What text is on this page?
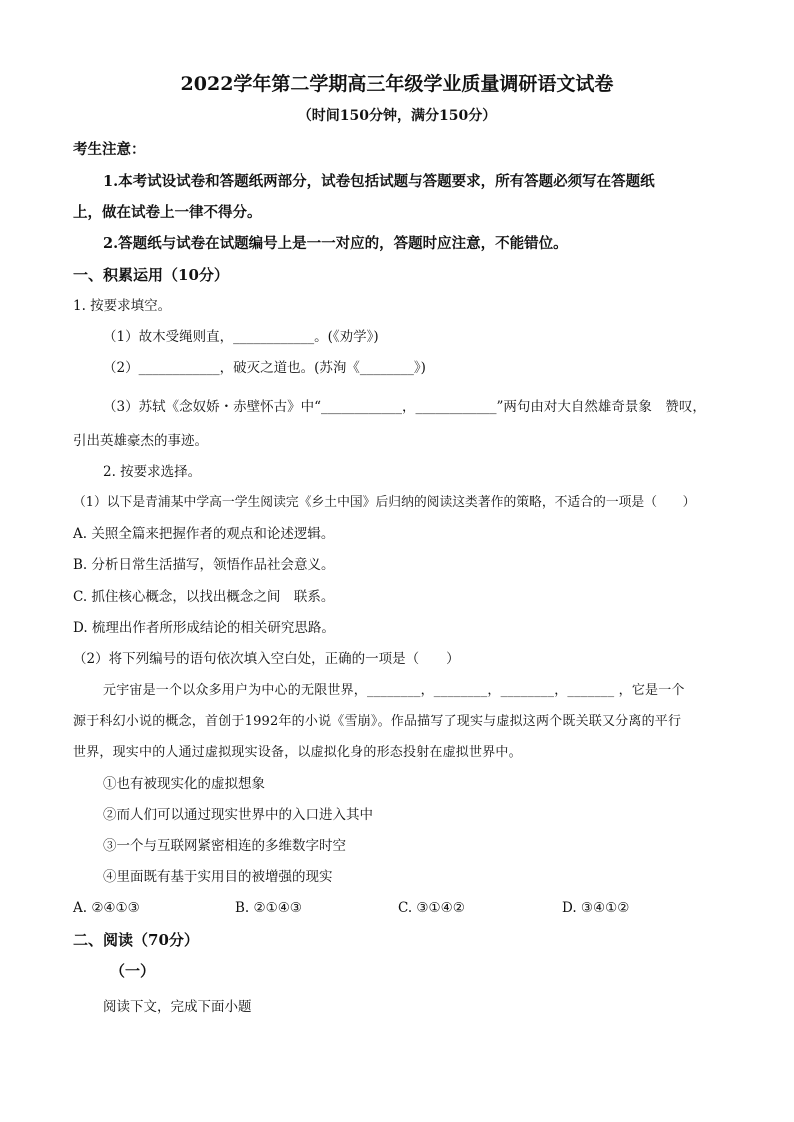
2022学年第二学期高三年级学业质量调研语文试卷
（时间150分钟，满分150分）
考生注意：
1.本考试设试卷和答题纸两部分，试卷包括试题与答题要求，所有答题必须写在答题纸
上，做在试卷上一律不得分。
2.答题纸与试卷在试题编号上是一一对应的，答题时应注意，不能错位。
一、积累运用（10分）
1. 按要求填空。
（1）故木受绳则直，____________。(《劝学》)
（2）____________，破灭之道也。(苏洵《________》)
（3）苏轼《念奴娇・赤壁怀古》中“____________，____________”两句由对大自然雄奇景象　赞叹，
引出英雄豪杰的事迹。
2. 按要求选择。
（1）以下是青浦某中学高一学生阅读完《乡土中国》后归纳的阅读这类著作的策略，不适合的一项是（　　）
A. 关照全篇来把握作者的观点和论述逻辑。
B. 分析日常生活描写，领悟作品社会意义。
C. 抓住核心概念，以找出概念之间　联系。
D. 梳理出作者所形成结论的相关研究思路。
（2）将下列编号的语句依次填入空白处，正确的一项是（　　）
元宇宙是一个以众多用户为中心的无限世界，________，________，________，_______ ，它是一个
源于科幻小说的概念，首创于1992年的小说《雪崩》。作品描写了现实与虚拟这两个既关联又分离的平行
世界，现实中的人通过虚拟现实设备，以虚拟化身的形态投射在虚拟世界中。
①也有被现实化的虚拟想象
②而人们可以通过现实世界中的入口进入其中
③一个与互联网紧密相连的多维数字时空
④里面既有基于实用目的被增强的现实
A. ②④①③	B. ②①④③	C. ③①④②	D. ③④①②
二、阅读（70分）
（一）
阅读下文，完成下面小题
